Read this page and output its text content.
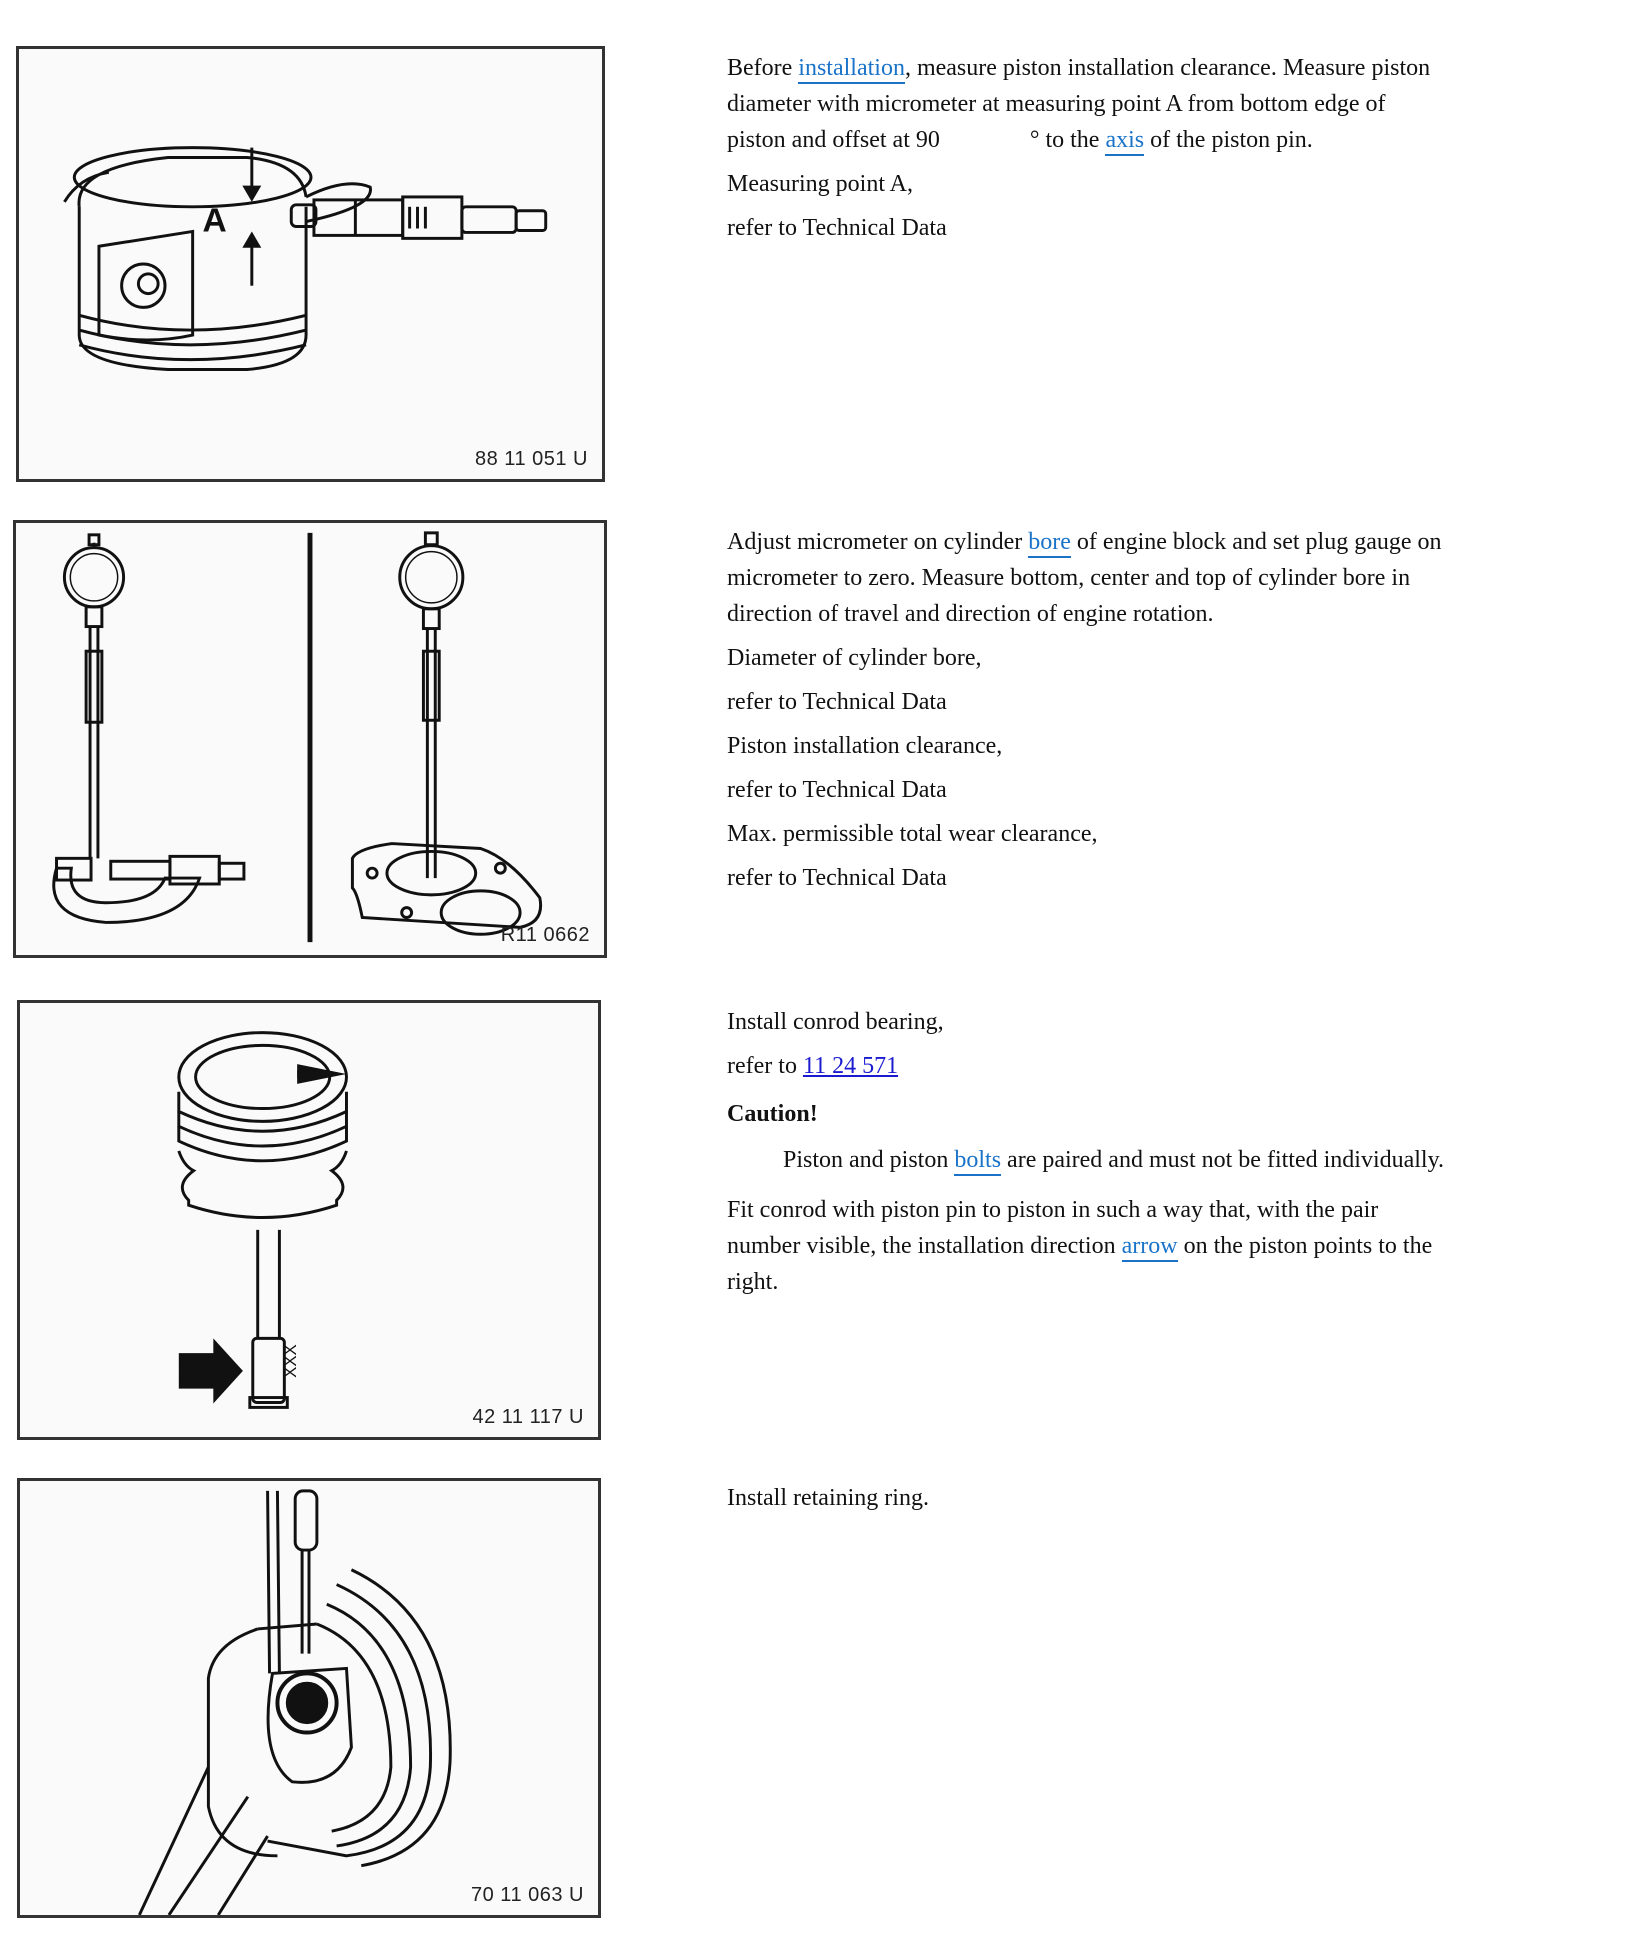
A
88 11 051 U

Before installation, measure piston installation clearance. Measure piston diameter with micrometer at measuring point A from bottom edge of piston and offset at 90	° to the axis of the piston pin.

Measuring point A,

refer to Technical Data

R11 0662

Adjust micrometer on cylinder bore of engine block and set plug gauge on micrometer to zero. Measure bottom, center and top of cylinder bore in direction of travel and direction of engine rotation.

Diameter of cylinder bore,

refer to Technical Data

Piston installation clearance,

refer to Technical Data

Max. permissible total wear clearance,

refer to Technical Data

XXX
42 11 117 U

Install conrod bearing,

refer to 11 24 571

Caution!

Piston and piston bolts are paired and must not be fitted individually.

Fit conrod with piston pin to piston in such a way that, with the pair number visible, the installation direction arrow on the piston points to the right.

70 11 063 U

Install retaining ring.
